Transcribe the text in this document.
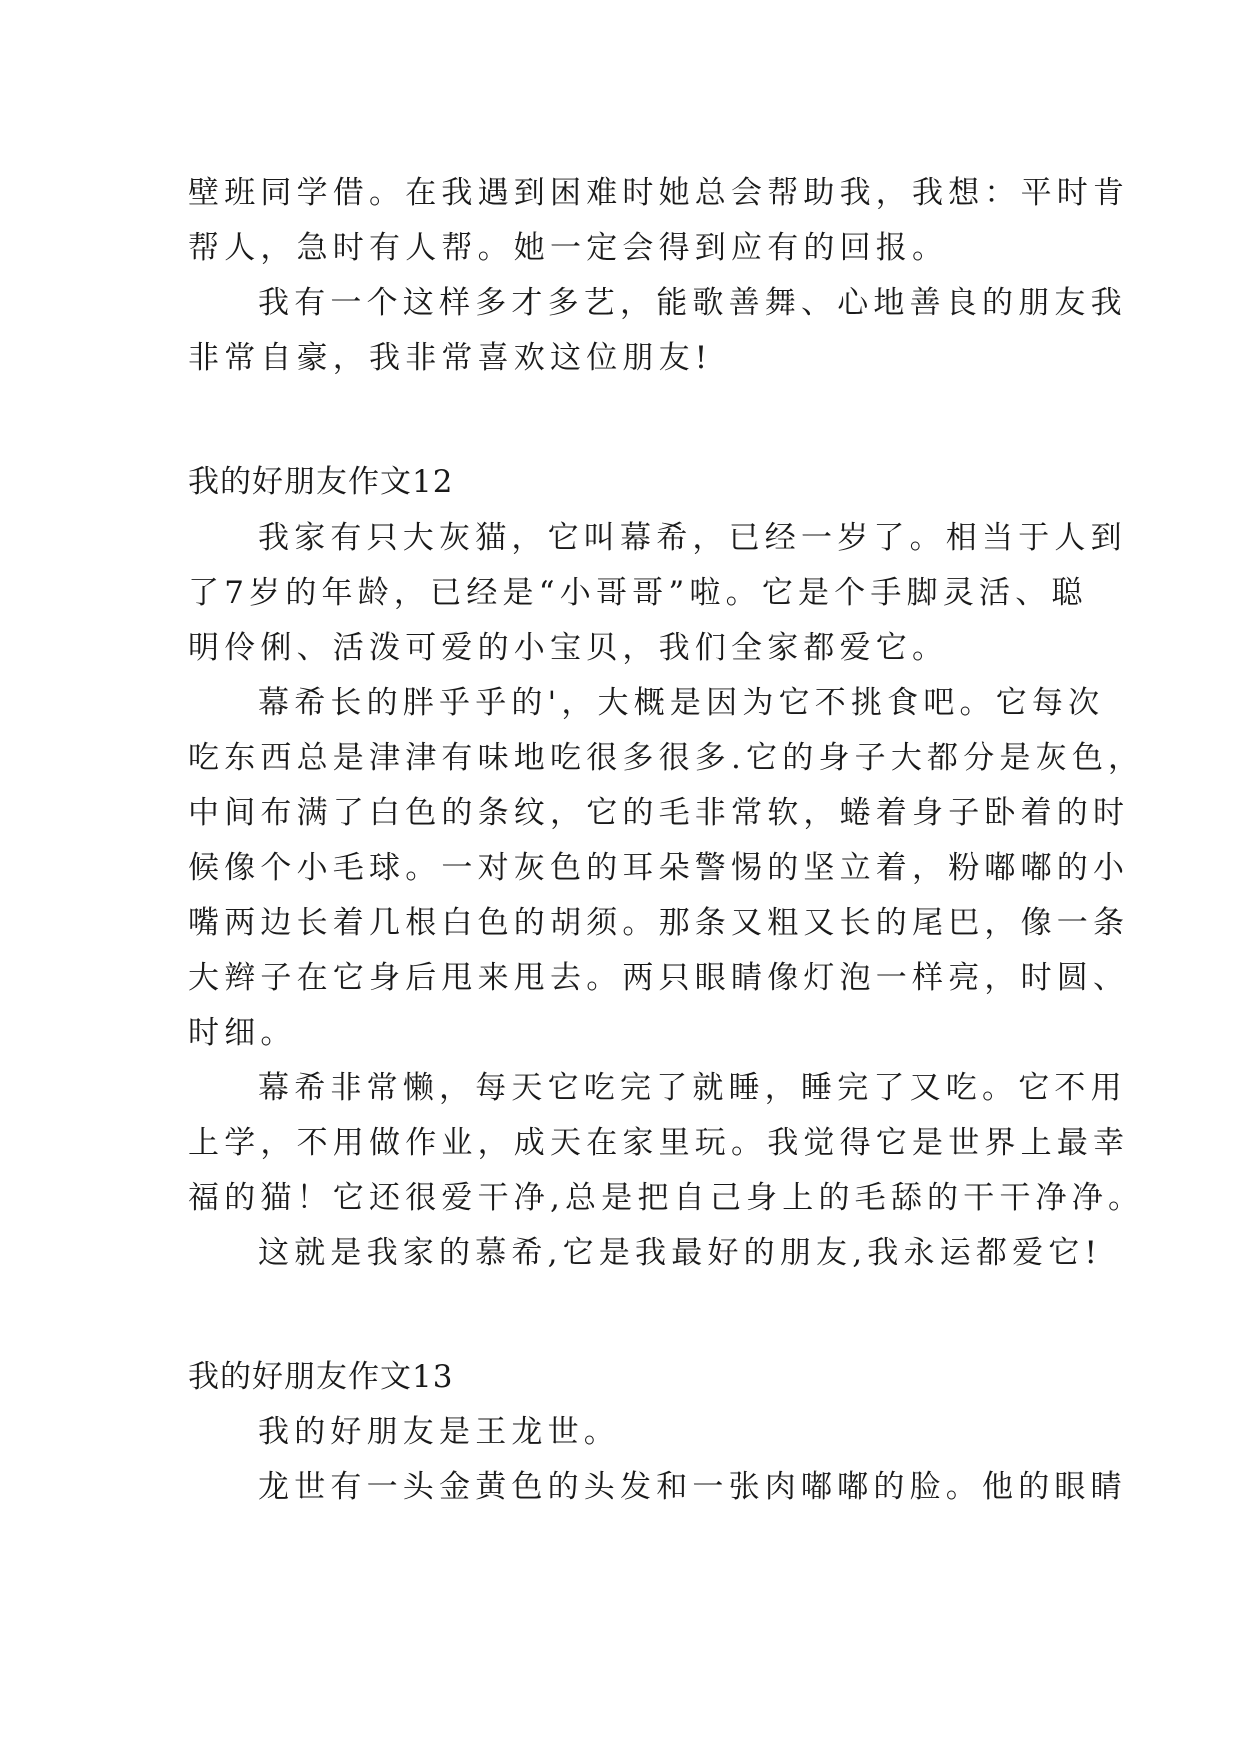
壁班同学借。在我遇到困难时她总会帮助我，我想：平时肯
帮人，急时有人帮。她一定会得到应有的回报。
我有一个这样多才多艺，能歌善舞、心地善良的朋友我
非常自豪，我非常喜欢这位朋友!
我的好朋友作文12
我家有只大灰猫，它叫幕希，已经一岁了。相当于人到
了7岁的年龄，已经是“小哥哥”啦。它是个手脚灵活、聪
明伶俐、活泼可爱的小宝贝，我们全家都爱它。
幕希长的胖乎乎的'，大概是因为它不挑食吧。它每次
吃东西总是津津有味地吃很多很多.它的身子大都分是灰色，
中间布满了白色的条纹，它的毛非常软，蜷着身子卧着的时
候像个小毛球。一对灰色的耳朵警惕的坚立着，粉嘟嘟的小
嘴两边长着几根白色的胡须。那条又粗又长的尾巴，像一条
大辫子在它身后甩来甩去。两只眼睛像灯泡一样亮，时圆、
时细。
幕希非常懒，每天它吃完了就睡，睡完了又吃。它不用
上学，不用做作业，成天在家里玩。我觉得它是世界上最幸
福的猫！它还很爱干净,总是把自己身上的毛舔的干干净净。
这就是我家的慕希,它是我最好的朋友,我永运都爱它!
我的好朋友作文13
我的好朋友是王龙世。
龙世有一头金黄色的头发和一张肉嘟嘟的脸。他的眼睛
